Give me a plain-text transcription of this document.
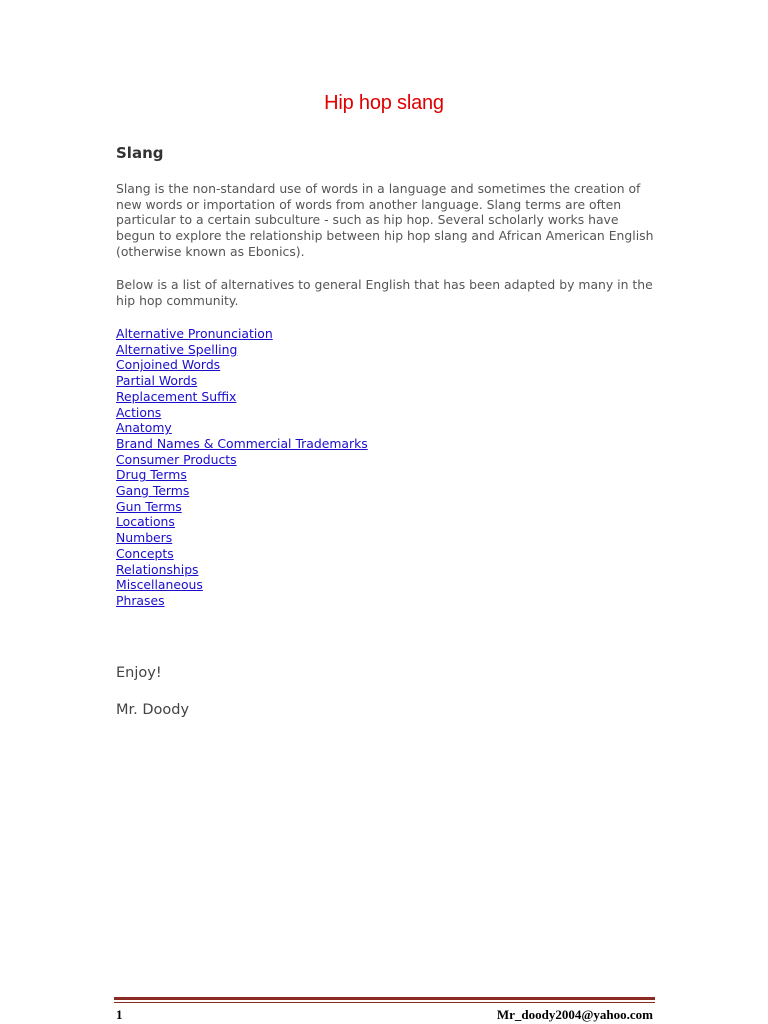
Hip hop slang
Slang

Slang is the non-standard use of words in a language and sometimes the creation of new words or importation of words from another language. Slang terms are often particular to a certain subculture - such as hip hop. Several scholarly works have begun to explore the relationship between hip hop slang and African American English (otherwise known as Ebonics).

Below is a list of alternatives to general English that has been adapted by many in the hip hop community.

Alternative Pronunciation
Alternative Spelling
Conjoined Words
Partial Words
Replacement Suffix
Actions
Anatomy
Brand Names & Commercial Trademarks
Consumer Products
Drug Terms
Gang Terms
Gun Terms
Locations
Numbers
Concepts
Relationships
Miscellaneous
Phrases
Enjoy!
Mr. Doody
1	Mr_doody2004@yahoo.com
